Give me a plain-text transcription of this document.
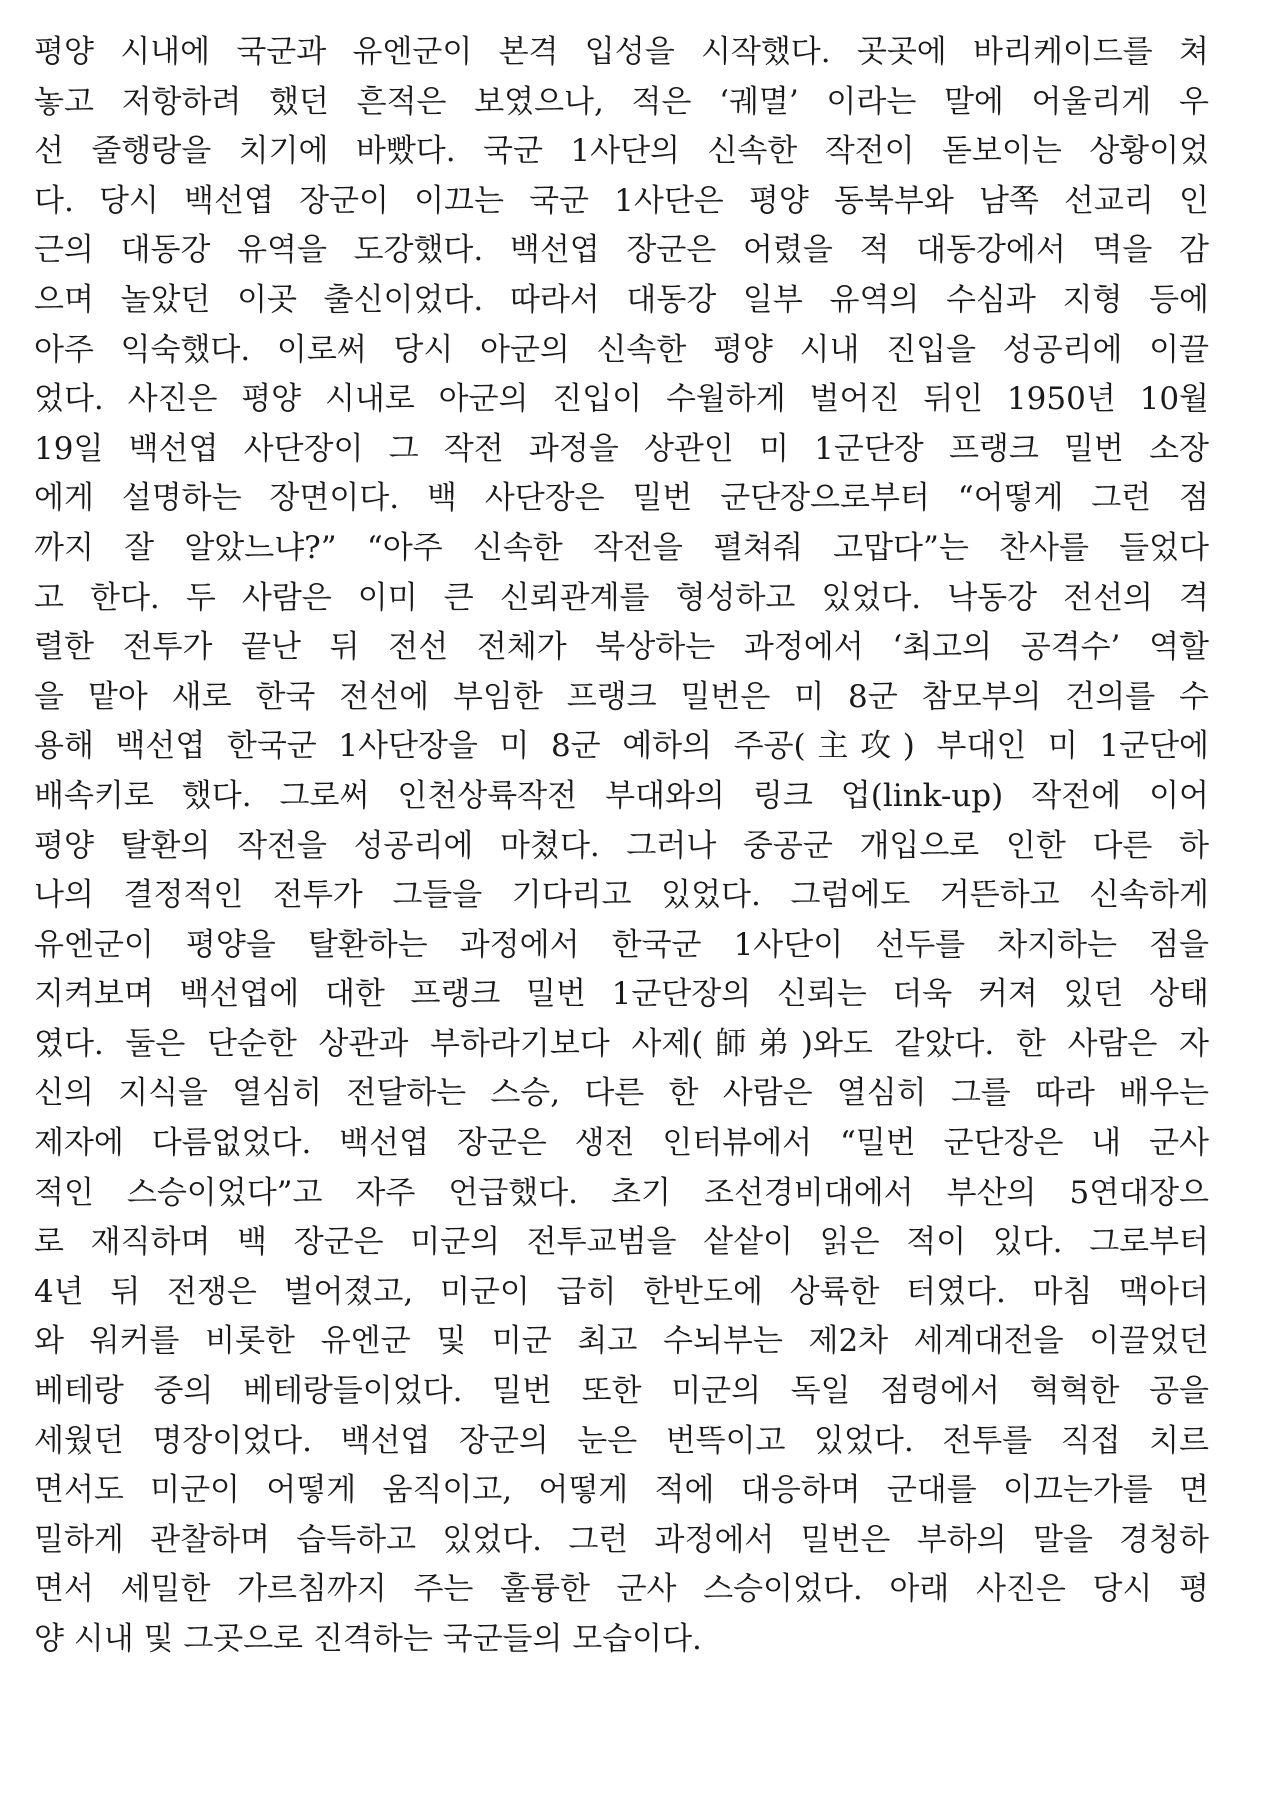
평양 시내에 국군과 유엔군이 본격 입성을 시작했다. 곳곳에 바리케이드를 쳐
놓고 저항하려 했던 흔적은 보였으나, 적은 ‘궤멸’ 이라는 말에 어울리게 우
선 줄행랑을 치기에 바빴다. 국군 1사단의 신속한 작전이 돋보이는 상황이었
다. 당시 백선엽 장군이 이끄는 국군 1사단은 평양 동북부와 남쪽 선교리 인
근의 대동강 유역을 도강했다. 백선엽 장군은 어렸을 적 대동강에서 멱을 감
으며 놀았던 이곳 출신이었다. 따라서 대동강 일부 유역의 수심과 지형 등에
아주 익숙했다. 이로써 당시 아군의 신속한 평양 시내 진입을 성공리에 이끌
었다. 사진은 평양 시내로 아군의 진입이 수월하게 벌어진 뒤인 1950년 10월
19일 백선엽 사단장이 그 작전 과정을 상관인 미 1군단장 프랭크 밀번 소장
에게 설명하는 장면이다. 백 사단장은 밀번 군단장으로부터 “어떻게 그런 점
까지 잘 알았느냐?” “아주 신속한 작전을 펼쳐줘 고맙다”는 찬사를 들었다
고 한다. 두 사람은 이미 큰 신뢰관계를 형성하고 있었다. 낙동강 전선의 격
렬한 전투가 끝난 뒤 전선 전체가 북상하는 과정에서 ‘최고의 공격수’ 역할
을 맡아 새로 한국 전선에 부임한 프랭크 밀번은 미 8군 참모부의 건의를 수
용해 백선엽 한국군 1사단장을 미 8군 예하의 주공(主攻) 부대인 미 1군단에
배속키로 했다. 그로써 인천상륙작전 부대와의 링크 업(link-up) 작전에 이어
평양 탈환의 작전을 성공리에 마쳤다. 그러나 중공군 개입으로 인한 다른 하
나의 결정적인 전투가 그들을 기다리고 있었다. 그럼에도 거뜬하고 신속하게
유엔군이 평양을 탈환하는 과정에서 한국군 1사단이 선두를 차지하는 점을
지켜보며 백선엽에 대한 프랭크 밀번 1군단장의 신뢰는 더욱 커져 있던 상태
였다. 둘은 단순한 상관과 부하라기보다 사제(師弟)와도 같았다. 한 사람은 자
신의 지식을 열심히 전달하는 스승, 다른 한 사람은 열심히 그를 따라 배우는
제자에 다름없었다. 백선엽 장군은 생전 인터뷰에서 “밀번 군단장은 내 군사
적인 스승이었다”고 자주 언급했다. 초기 조선경비대에서 부산의 5연대장으
로 재직하며 백 장군은 미군의 전투교범을 샅샅이 읽은 적이 있다. 그로부터
4년 뒤 전쟁은 벌어졌고, 미군이 급히 한반도에 상륙한 터였다. 마침 맥아더
와 워커를 비롯한 유엔군 및 미군 최고 수뇌부는 제2차 세계대전을 이끌었던
베테랑 중의 베테랑들이었다. 밀번 또한 미군의 독일 점령에서 혁혁한 공을
세웠던 명장이었다. 백선엽 장군의 눈은 번뜩이고 있었다. 전투를 직접 치르
면서도 미군이 어떻게 움직이고, 어떻게 적에 대응하며 군대를 이끄는가를 면
밀하게 관찰하며 습득하고 있었다. 그런 과정에서 밀번은 부하의 말을 경청하
면서 세밀한 가르침까지 주는 훌륭한 군사 스승이었다. 아래 사진은 당시 평
양 시내 및 그곳으로 진격하는 국군들의 모습이다.
